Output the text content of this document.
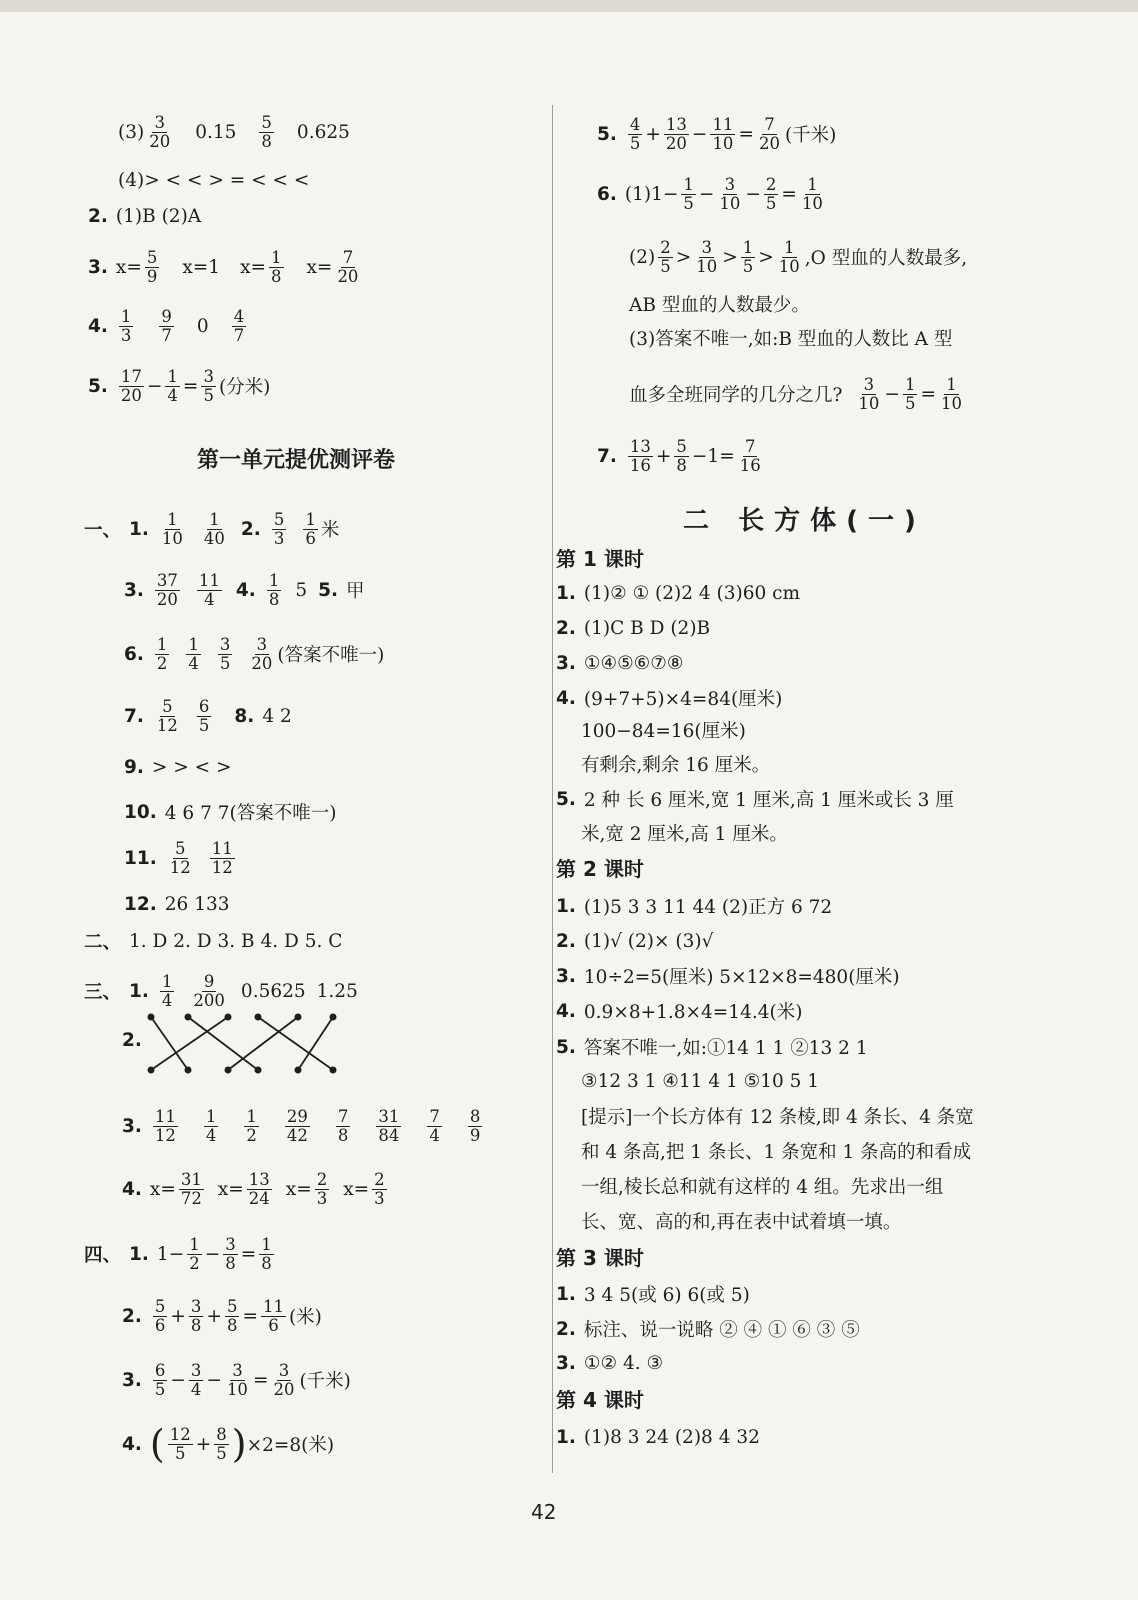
$(3) \frac{3}{20} 0.15 \frac{5}{8} 0.625$
(4)> < < > = < < <
2. (1)B (2)A
3. $x= \frac{5}{9} x=1$ $x= \frac{1}{8} x= \frac{7}{20}$
4. $\frac{1}{3} \frac{9}{7} 0 \frac{4}{7}$
5. $\frac{17}{20} - \frac{1}{4} = \frac{3}{5}$ (分米)
第一单元提优测评卷
一、 1. $\frac{1}{10} \frac{1}{40} 2$. $\frac{5}{3} \frac{1}{6}$ 米
3. $\frac{37}{20} \frac{11}{4} 4$. $\frac{1}{8} 5$ 5. 甲
6. $\frac{1}{2} \frac{1}{4} \frac{3}{5} \frac{3}{20}$ (答案不唯一)
7. $\frac{5}{12} \frac{6}{5} 8$. 4 2
9. > > < >
10. 4 6 7 7(答案不唯一)
11. $\frac{5}{12} \frac{11}{12}$
12. 26 133
二、 1. D 2. D 3. B 4. D 5. C
三、 1. $\frac{1}{4} \frac{9}{200} 0.5625$ 1.25
2.
3. $\frac{11}{12} \frac{1}{4} \frac{1}{2} \frac{29}{42} \frac{7}{8} \frac{31}{84} \frac{7}{4} \frac{8}{9}$
4. $x= \frac{31}{72} x= \frac{13}{24} x= \frac{2}{3} x= \frac{2}{3}$
四、 1. $1- \frac{1}{2} - \frac{3}{8} = \frac{1}{8}$
2. $\frac{5}{6} + \frac{3}{8} + \frac{5}{8} = \frac{11}{6}$ (米)
3. $\frac{6}{5} - \frac{3}{4} - \frac{3}{10} = \frac{3}{20}$ (千米)
4. ( $\frac{12}{5} + \frac{8}{5}$ ) ×2=8(米)
5. $\frac{4}{5} + \frac{13}{20} - \frac{11}{10} = \frac{7}{20}$ (千米)
6. $(1)1- \frac{1}{5} - \frac{3}{10} - \frac{2}{5} = \frac{1}{10}$
$(2) \frac{2}{5} > \frac{3}{10} > \frac{1}{5} > \frac{1}{10} ,O$ 型血的人数最多,
AB 型血的人数最少。
(3)答案不唯一,如:B 型血的人数比 A 型
血多全班同学的几分之几? $\frac{3}{10} - \frac{1}{5} = \frac{1}{10}$
7. $\frac{13}{16} + \frac{5}{8} -1= \frac{7}{16}$
二 长方体(一)
第 1 课时
1. (1)② ① (2)2 4 (3)60 cm
2. (1)C B D (2)B
3. ①④⑤⑥⑦⑧
4. (9+7+5)×4=84(厘米)
100−84=16(厘米)
有剩余,剩余 16 厘米。
5. 2 种 长 6 厘米,宽 1 厘米,高 1 厘米或长 3 厘
米,宽 2 厘米,高 1 厘米。
第 2 课时
1. (1)5 3 3 11 44 (2)正方 6 72
2. (1)√ (2)× (3)√
3. 10÷2=5(厘米) 5×12×8=480(厘米)
4. 0.9×8+1.8×4=14.4(米)
5. 答案不唯一,如:①14 1 1 ②13 2 1
③12 3 1 ④11 4 1 ⑤10 5 1
[提示]一个长方体有 12 条棱,即 4 条长、4 条宽
和 4 条高,把 1 条长、1 条宽和 1 条高的和看成
一组,棱长总和就有这样的 4 组。先求出一组
长、宽、高的和,再在表中试着填一填。
第 3 课时
1. 3 4 5(或 6) 6(或 5)
2. 标注、说一说略 ② ④ ① ⑥ ③ ⑤
3. ①② 4. ③
第 4 课时
1. (1)8 3 24 (2)8 4 32
42
